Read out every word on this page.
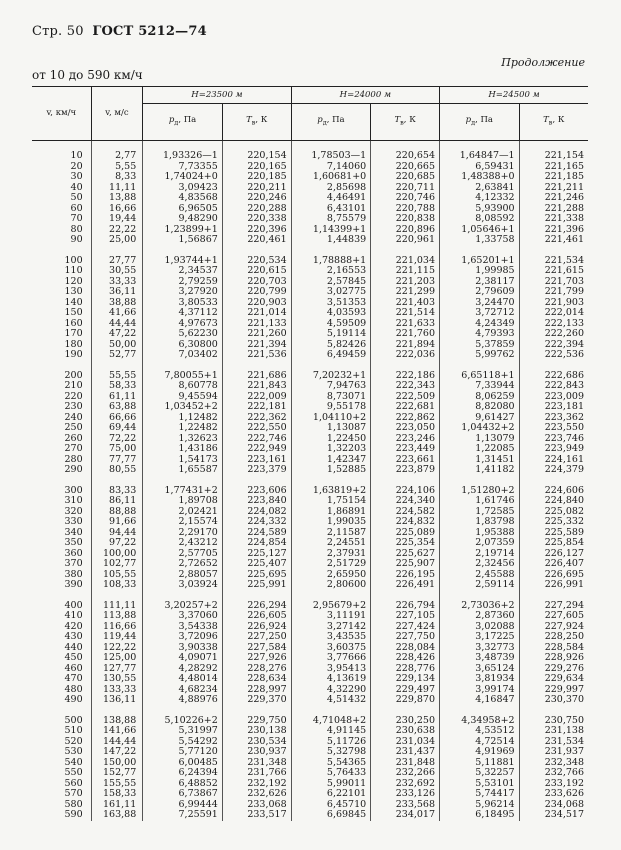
Стр. 50 ГОСТ 5212—74
Продолжение
от 10 до 590 км/ч
v, км/ч	v, м/с	H=23500 м		H=24000 м		H=24500 м	
		$p_д$, Па	$T_в$, К	$p_д$, Па	$T_в$, К	$p_д$, Па	$T_в$, К
10	2,77	1,93326—1	220,154	1,78503—1	220,654	1,64847—1	221,154
20	5,55	7,73355	220,165	7,14060	220,665	6,59431	221,165
30	8,33	1,74024+0	220,185	1,60681+0	220,685	1,48388+0	221,185
40	11,11	3,09423	220,211	2,85698	220,711	2,63841	221,211
50	13,88	4,83568	220,246	4,46491	220,746	4,12332	221,246
60	16,66	6,96505	220,288	6,43101	220,788	5,93900	221,288
70	19,44	9,48290	220,338	8,75579	220,838	8,08592	221,338
80	22,22	1,23899+1	220,396	1,14399+1	220,896	1,05646+1	221,396
90	25,00	1,56867	220,461	1,44839	220,961	1,33758	221,461
100	27,77	1,93744+1	220,534	1,78888+1	221,034	1,65201+1	221,534
110	30,55	2,34537	220,615	2,16553	221,115	1,99985	221,615
120	33,33	2,79259	220,703	2,57845	221,203	2,38117	221,703
130	36,11	3,27920	220,799	3,02775	221,299	2,79609	221,799
140	38,88	3,80533	220,903	3,51353	221,403	3,24470	221,903
150	41,66	4,37112	221,014	4,03593	221,514	3,72712	222,014
160	44,44	4,97673	221,133	4,59509	221,633	4,24349	222,133
170	47,22	5,62230	221,260	5,19114	221,760	4,79393	222,260
180	50,00	6,30800	221,394	5,82426	221,894	5,37859	222,394
190	52,77	7,03402	221,536	6,49459	222,036	5,99762	222,536
200	55,55	7,80055+1	221,686	7,20232+1	222,186	6,65118+1	222,686
210	58,33	8,60778	221,843	7,94763	222,343	7,33944	222,843
220	61,11	9,45594	222,009	8,73071	222,509	8,06259	223,009
230	63,88	1,03452+2	222,181	9,55178	222,681	8,82080	223,181
240	66,66	1,12482	222,362	1,04110+2	222,862	9,61427	223,362
250	69,44	1,22482	222,550	1,13087	223,050	1,04432+2	223,550
260	72,22	1,32623	222,746	1,22450	223,246	1,13079	223,746
270	75,00	1,43186	222,949	1,32203	223,449	1,22085	223,949
280	77,77	1,54173	223,161	1,42347	223,661	1,31451	224,161
290	80,55	1,65587	223,379	1,52885	223,879	1,41182	224,379
300	83,33	1,77431+2	223,606	1,63819+2	224,106	1,51280+2	224,606
310	86,11	1,89708	223,840	1,75154	224,340	1,61746	224,840
320	88,88	2,02421	224,082	1,86891	224,582	1,72585	225,082
330	91,66	2,15574	224,332	1,99035	224,832	1,83798	225,332
340	94,44	2,29170	224,589	2,11587	225,089	1,95388	225,589
350	97,22	2,43212	224,854	2,24551	225,354	2,07359	225,854
360	100,00	2,57705	225,127	2,37931	225,627	2,19714	226,127
370	102,77	2,72652	225,407	2,51729	225,907	2,32456	226,407
380	105,55	2,88057	225,695	2,65950	226,195	2,45588	226,695
390	108,33	3,03924	225,991	2,80600	226,491	2,59114	226,991
400	111,11	3,20257+2	226,294	2,95679+2	226,794	2,73036+2	227,294
410	113,88	3,37060	226,605	3,11191	227,105	2,87360	227,605
420	116,66	3,54338	226,924	3,27142	227,424	3,02088	227,924
430	119,44	3,72096	227,250	3,43535	227,750	3,17225	228,250
440	122,22	3,90338	227,584	3,60375	228,084	3,32773	228,584
450	125,00	4,09071	227,926	3,77666	228,426	3,48739	228,926
460	127,77	4,28292	228,276	3,95413	228,776	3,65124	229,276
470	130,55	4,48014	228,634	4,13619	229,134	3,81934	229,634
480	133,33	4,68234	228,997	4,32290	229,497	3,99174	229,997
490	136,11	4,88976	229,370	4,51432	229,870	4,16847	230,370
500	138,88	5,10226+2	229,750	4,71048+2	230,250	4,34958+2	230,750
510	141,66	5,31997	230,138	4,91145	230,638	4,53512	231,138
520	144,44	5,54292	230,534	5,11726	231,034	4,72514	231,534
530	147,22	5,77120	230,937	5,32798	231,437	4,91969	231,937
540	150,00	6,00485	231,348	5,54365	231,848	5,11881	232,348
550	152,77	6,24394	231,766	5,76433	232,266	5,32257	232,766
560	155,55	6,48852	232,192	5,99011	232,692	5,53101	233,192
570	158,33	6,73867	232,626	6,22101	233,126	5,74417	233,626
580	161,11	6,99444	233,068	6,45710	233,568	5,96214	234,068
590	163,88	7,25591	233,517	6,69845	234,017	6,18495	234,517
